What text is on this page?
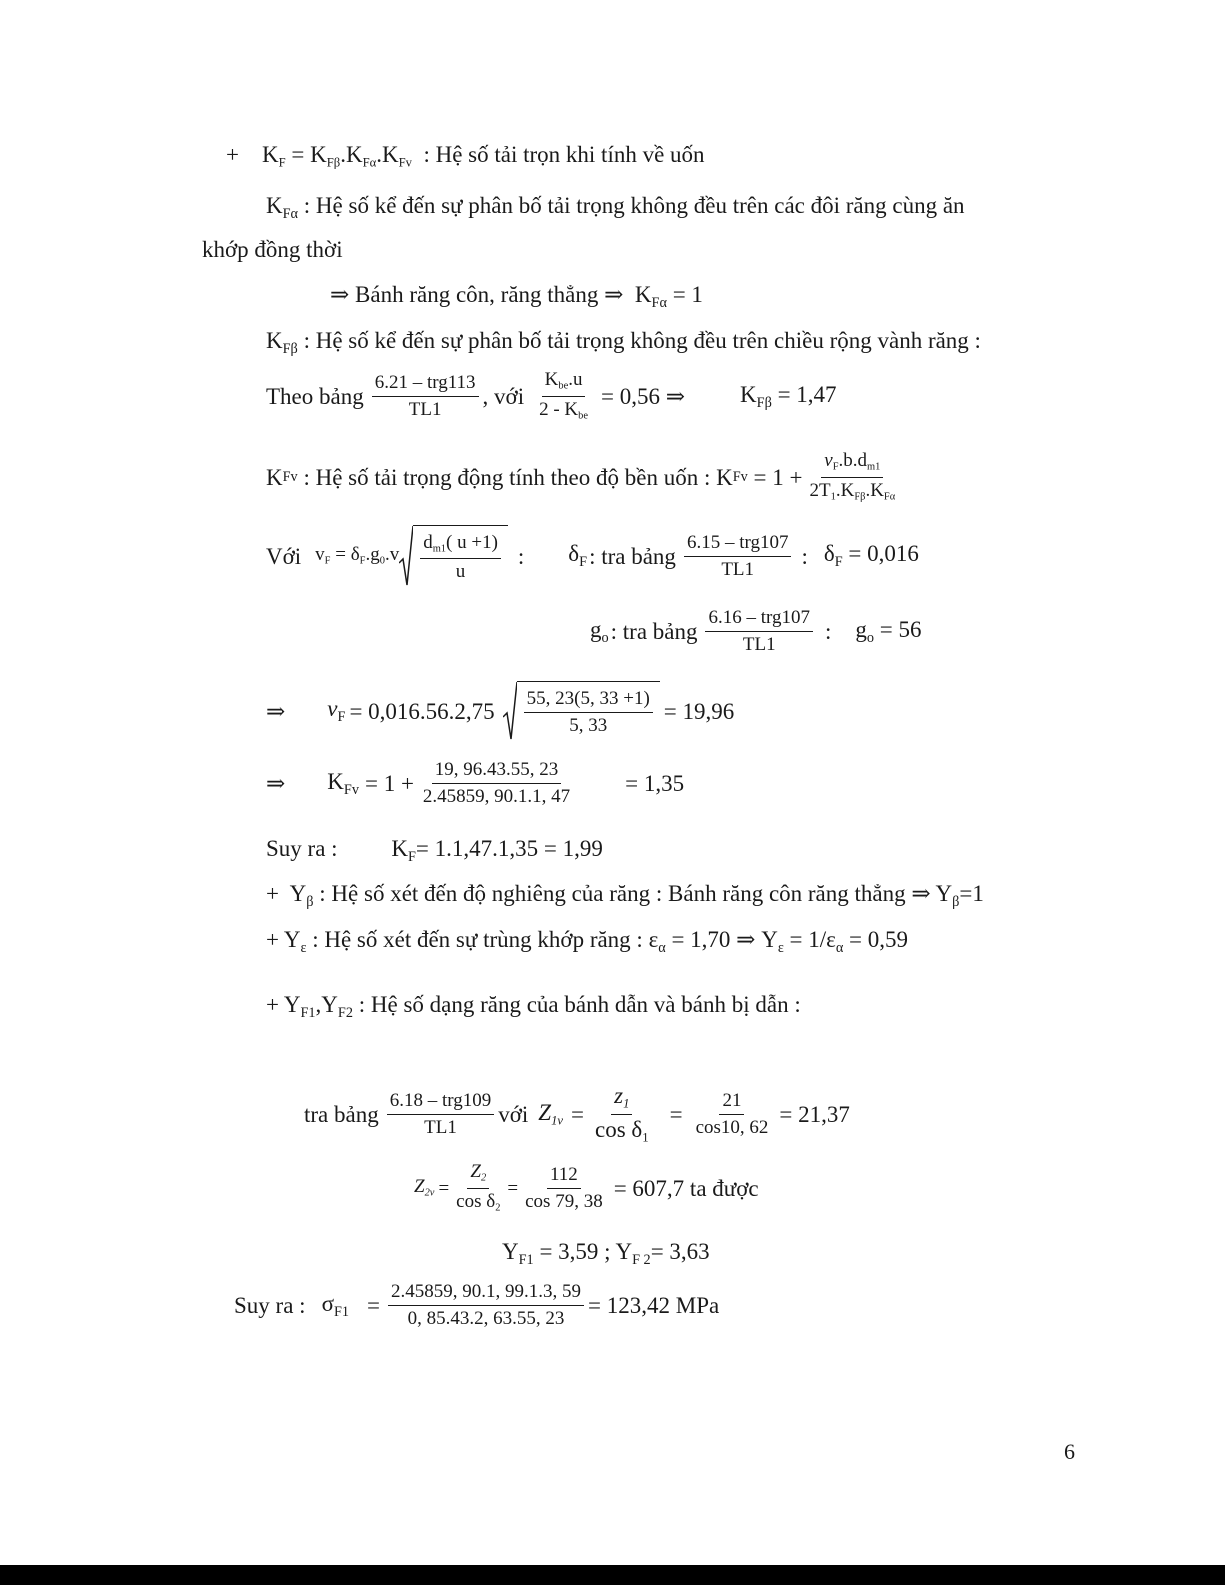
+ KF = KFβ.KFα.KFv : Hệ số tải trọn khi tính về uốn
$K_{F\alpha}$ : Hệ số kể đến sự phân bố tải trọng không đều trên các đôi răng cùng ăn
khớp đồng thời
⇒ Bánh răng côn, răng thẳng ⇒ $K_{F\alpha} = 1$
$K_{F\beta}$ : Hệ số kể đến sự phân bố tải trọng không đều trên chiều rộng vành răng :
Theo bảng $\frac{\text{6.21 – trg113}}{TL1}$ , với $\frac{\text{Kbe.u}}{\text{2 - Kbe}} = 0,56$ ⇒ $K_{F\beta} = 1,47$
K Fv
: Hệ số tải trọng động tính theo độ bền uốn : K Fv
= $1 + \frac{vF.b.dm1}{\text{2T1.KFβ.KFα}}$
Với vF = $\delta F.g0.v \frac{dm1( u +1)}{u}$ : $\delta_F$ : tra bảng $\frac{\text{6.15 – trg107}}{TL1}$ : $\delta_F = 0,016$
$g_o$ : tra bảng $\frac{\text{6.16 – trg107}}{TL1}$ : $g_o = 56$
⇒ $v_F = 0,016.56.2,75 \frac{55, 23(5, 33 +1)}{5, 33} = 19,96$
⇒ $K_{Fv} = 1 + \frac{19, 96.43.55, 23}{2.45859, 90.1.1, 47} = 1,35$
Suy ra : $K_F= 1.1,47.1,35 = 1,99$
+ $Y_\beta$ : Hệ số xét đến độ nghiêng của răng : Bánh răng côn răng thẳng ⇒ $Y_\beta=1$
+ $Y_\varepsilon$ : Hệ số xét đến sự trùng khớp răng : $\varepsilon_\alpha = 1,70$ ⇒ $Y_\varepsilon = 1/\varepsilon_\alpha = 0,59$
+ $Y_{F1},Y_{F2}$ : Hệ số dạng răng của bánh dẫn và bánh bị dẫn :
tra bảng $\frac{\text{6.18 – trg109}}{TL1}$ với $Z1v = \frac{z1}{\text{cos δ1}} = \frac{21}{\cos 10, 62} = 21,37$
$Z2v = \frac{Z2}{\text{cos δ2}} = \frac{112}{\cos 79, 38} = 607,7$ ta được
$Y_{F1} = 3,59$ ; $Y_{F 2}= 3,63$
Suy ra : $\sigma_{F1} = \frac{2.45859, 90.1, 99.1.3, 59}{0, 85.43.2, 63.55, 23} = 123,42$ MPa
6
